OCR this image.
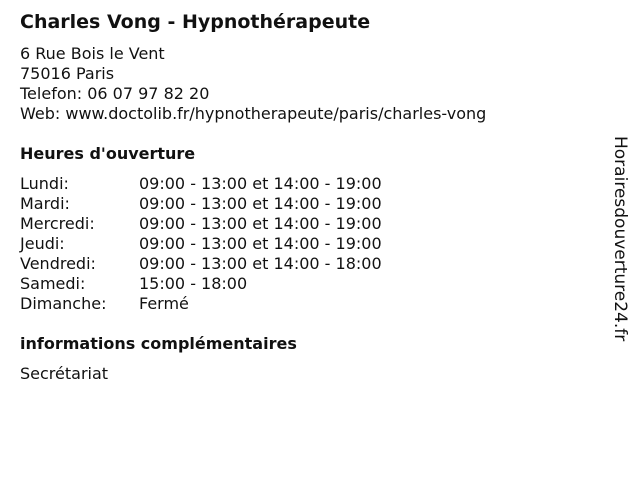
Charles Vong - Hypnothérapeute
6 Rue Bois le Vent
75016 Paris
Telefon: 06 07 97 82 20
Web: www.doctolib.fr/hypnotherapeute/paris/charles-vong
Heures d'ouverture
Lundi:	09:00 - 13:00 et 14:00 - 19:00
Mardi:	09:00 - 13:00 et 14:00 - 19:00
Mercredi:	09:00 - 13:00 et 14:00 - 19:00
Jeudi:	09:00 - 13:00 et 14:00 - 19:00
Vendredi:	09:00 - 13:00 et 14:00 - 18:00
Samedi:	15:00 - 18:00
Dimanche: Fermé
informations complémentaires
Secrétariat
Horairesdouverture24.fr
